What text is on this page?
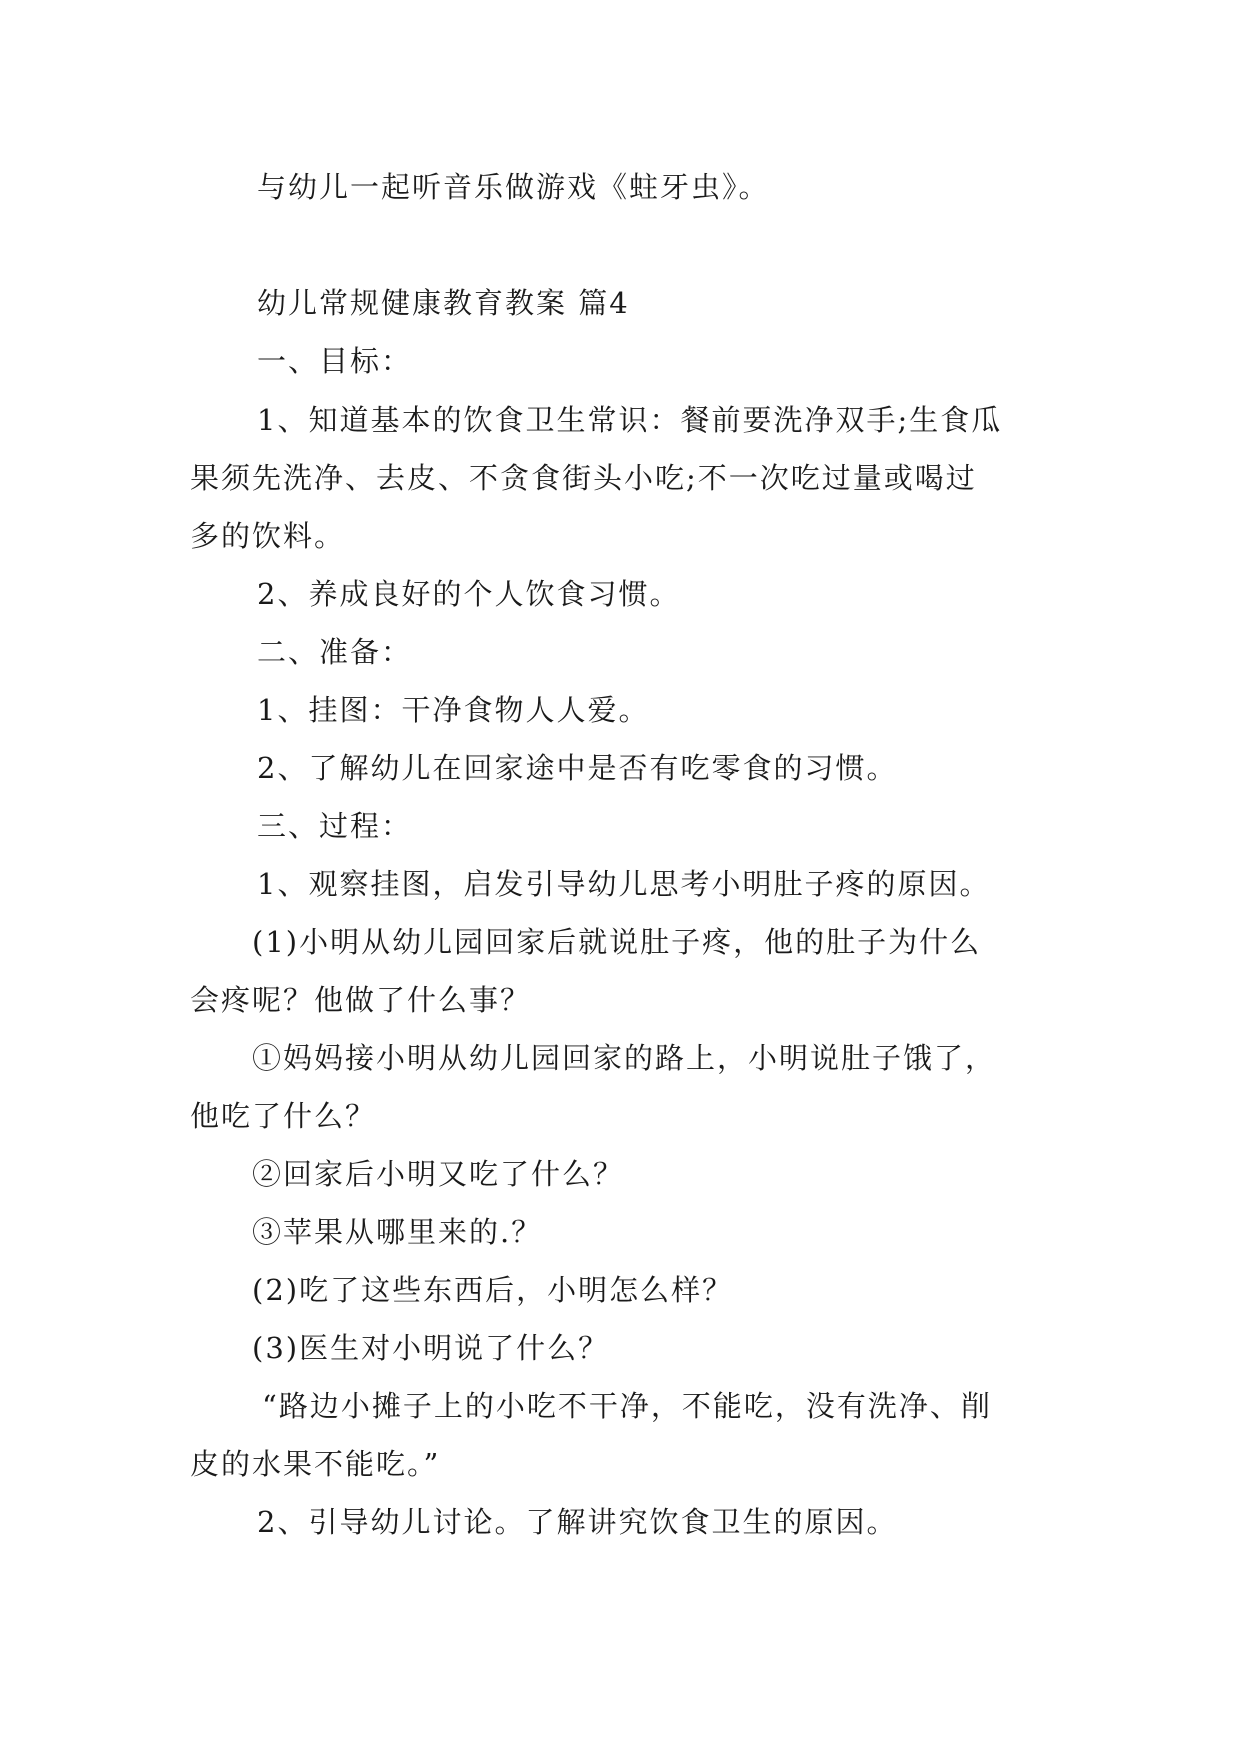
与幼儿一起听音乐做游戏《蛀牙虫》。
幼儿常规健康教育教案 篇4
一、目标：
1、知道基本的饮食卫生常识：餐前要洗净双手;生食瓜
果须先洗净、去皮、不贪食街头小吃;不一次吃过量或喝过
多的饮料。
2、养成良好的个人饮食习惯。
二、准备：
1、挂图：干净食物人人爱。
2、了解幼儿在回家途中是否有吃零食的习惯。
三、过程：
1、观察挂图，启发引导幼儿思考小明肚子疼的原因。
(1)小明从幼儿园回家后就说肚子疼，他的肚子为什么
会疼呢？他做了什么事？
①妈妈接小明从幼儿园回家的路上，小明说肚子饿了，
他吃了什么？
②回家后小明又吃了什么？
③苹果从哪里来的.？
(2)吃了这些东西后，小明怎么样？
(3)医生对小明说了什么？
“路边小摊子上的小吃不干净，不能吃，没有洗净、削
皮的水果不能吃。”
2、引导幼儿讨论。了解讲究饮食卫生的原因。
